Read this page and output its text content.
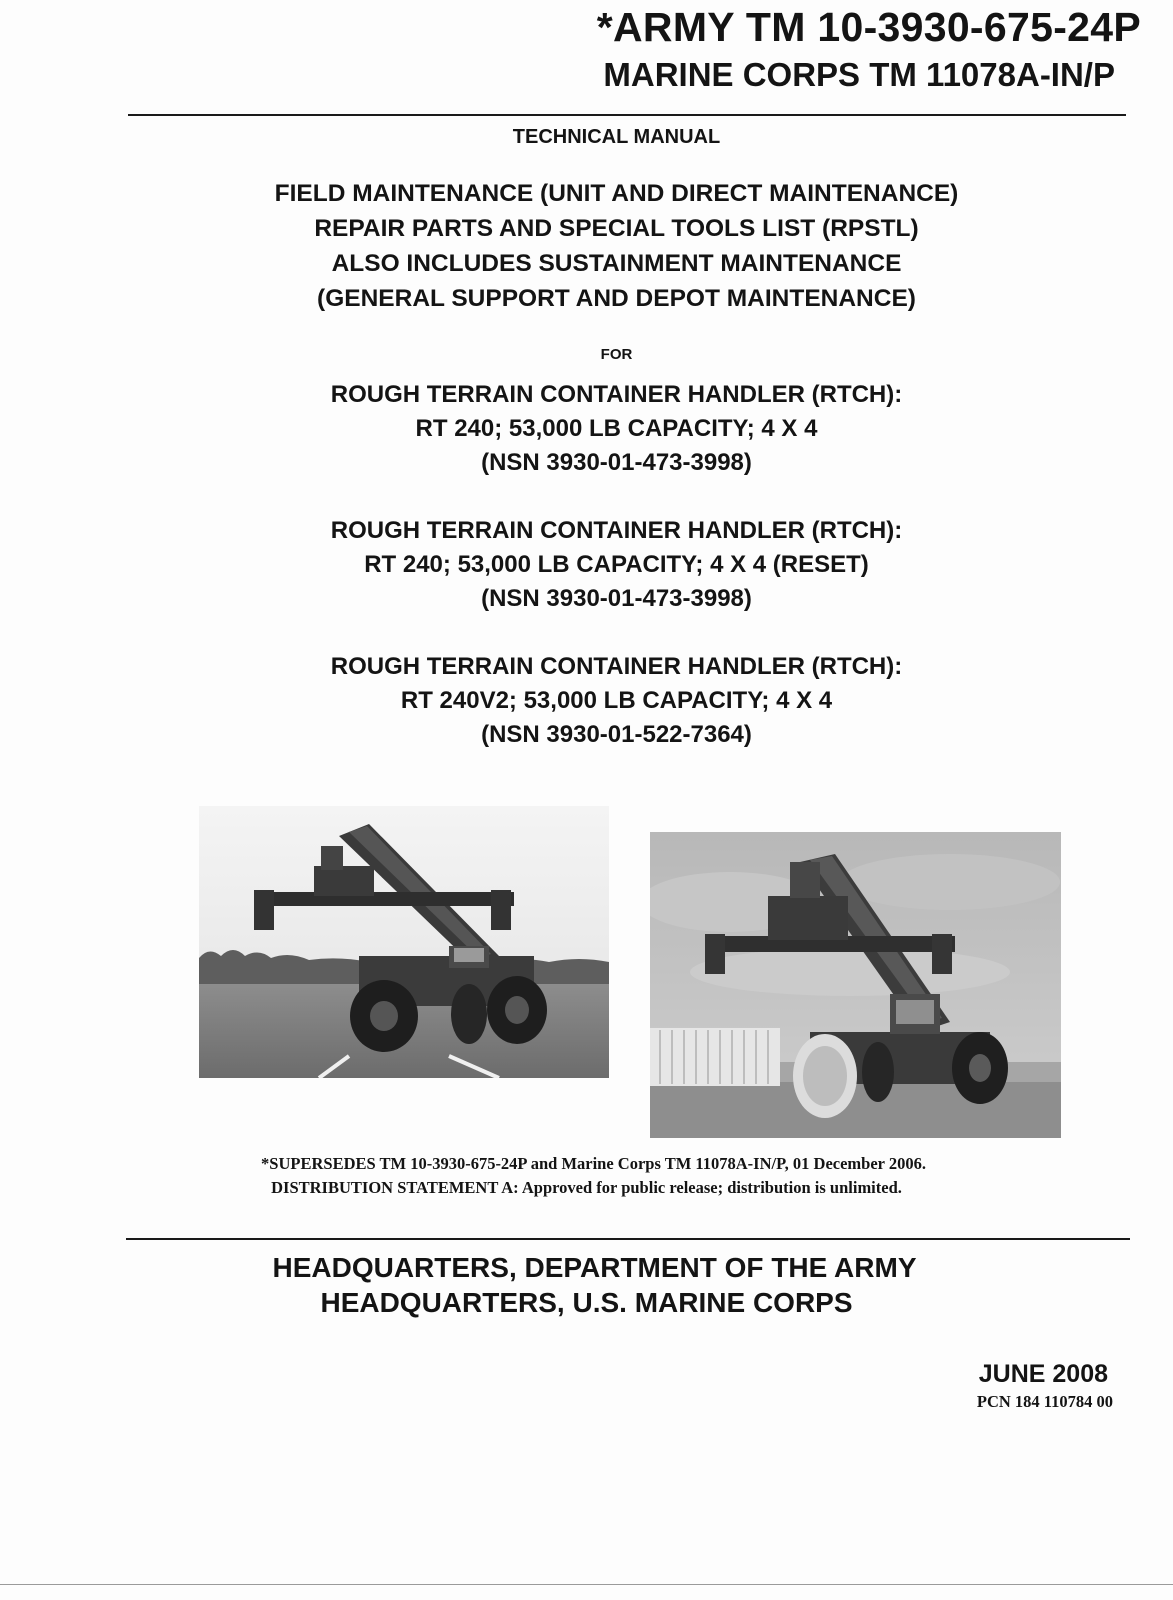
*ARMY TM 10-3930-675-24P
MARINE CORPS TM 11078A-IN/P
TECHNICAL MANUAL
FIELD MAINTENANCE (UNIT AND DIRECT MAINTENANCE)
REPAIR PARTS AND SPECIAL TOOLS LIST (RPSTL)
ALSO INCLUDES SUSTAINMENT MAINTENANCE
(GENERAL SUPPORT AND DEPOT MAINTENANCE)
FOR
ROUGH TERRAIN CONTAINER HANDLER (RTCH):
RT 240; 53,000 LB CAPACITY; 4 X 4
(NSN 3930-01-473-3998)
ROUGH TERRAIN CONTAINER HANDLER (RTCH):
RT 240; 53,000 LB CAPACITY; 4 X 4 (RESET)
(NSN 3930-01-473-3998)
ROUGH TERRAIN CONTAINER HANDLER (RTCH):
RT 240V2; 53,000 LB CAPACITY; 4 X 4
(NSN 3930-01-522-7364)
*SUPERSEDES TM 10-3930-675-24P and Marine Corps TM 11078A-IN/P, 01 December 2006.
DISTRIBUTION STATEMENT A: Approved for public release; distribution is unlimited.
HEADQUARTERS, DEPARTMENT OF THE ARMY
HEADQUARTERS, U.S. MARINE CORPS
JUNE 2008
PCN 184 110784 00
